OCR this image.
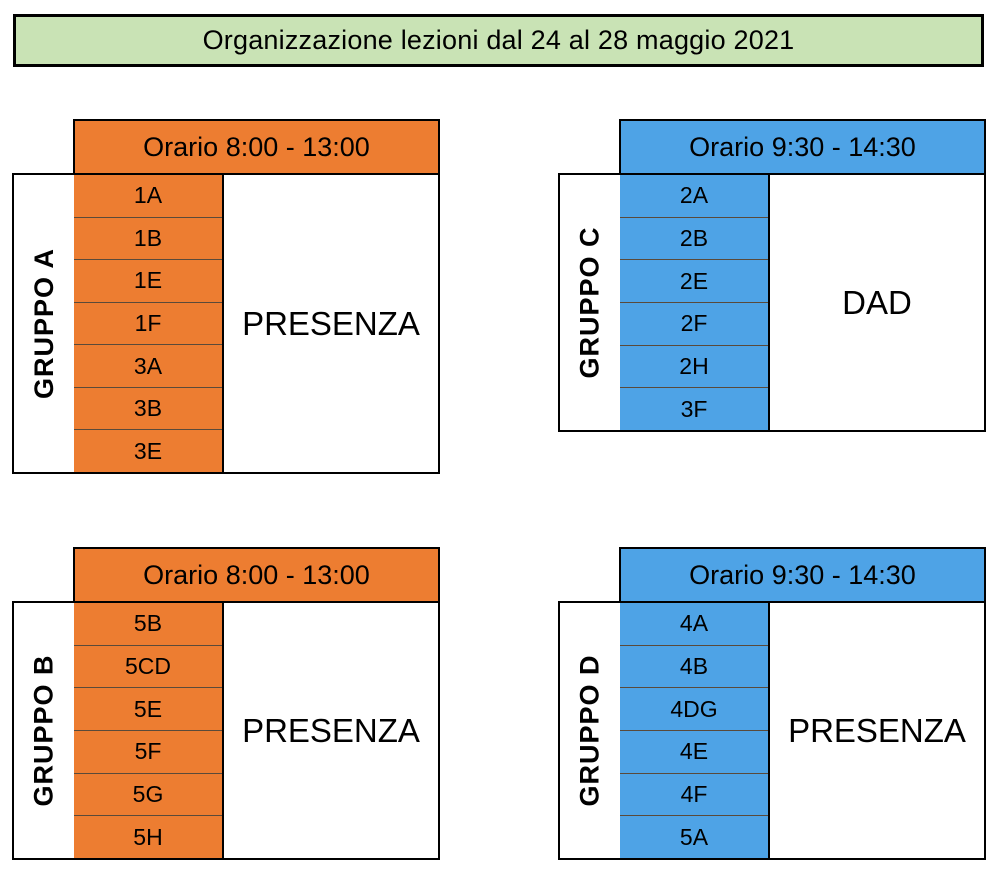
Organizzazione lezioni dal 24 al 28 maggio 2021
Orario 8:00 - 13:00
GRUPPO A
1A
1B
1E
1F
3A
3B
3E
PRESENZA
Orario 9:30 - 14:30
GRUPPO C
2A
2B
2E
2F
2H
3F
DAD
Orario 8:00 - 13:00
GRUPPO B
5B
5CD
5E
5F
5G
5H
PRESENZA
Orario 9:30 - 14:30
GRUPPO D
4A
4B
4DG
4E
4F
5A
PRESENZA
